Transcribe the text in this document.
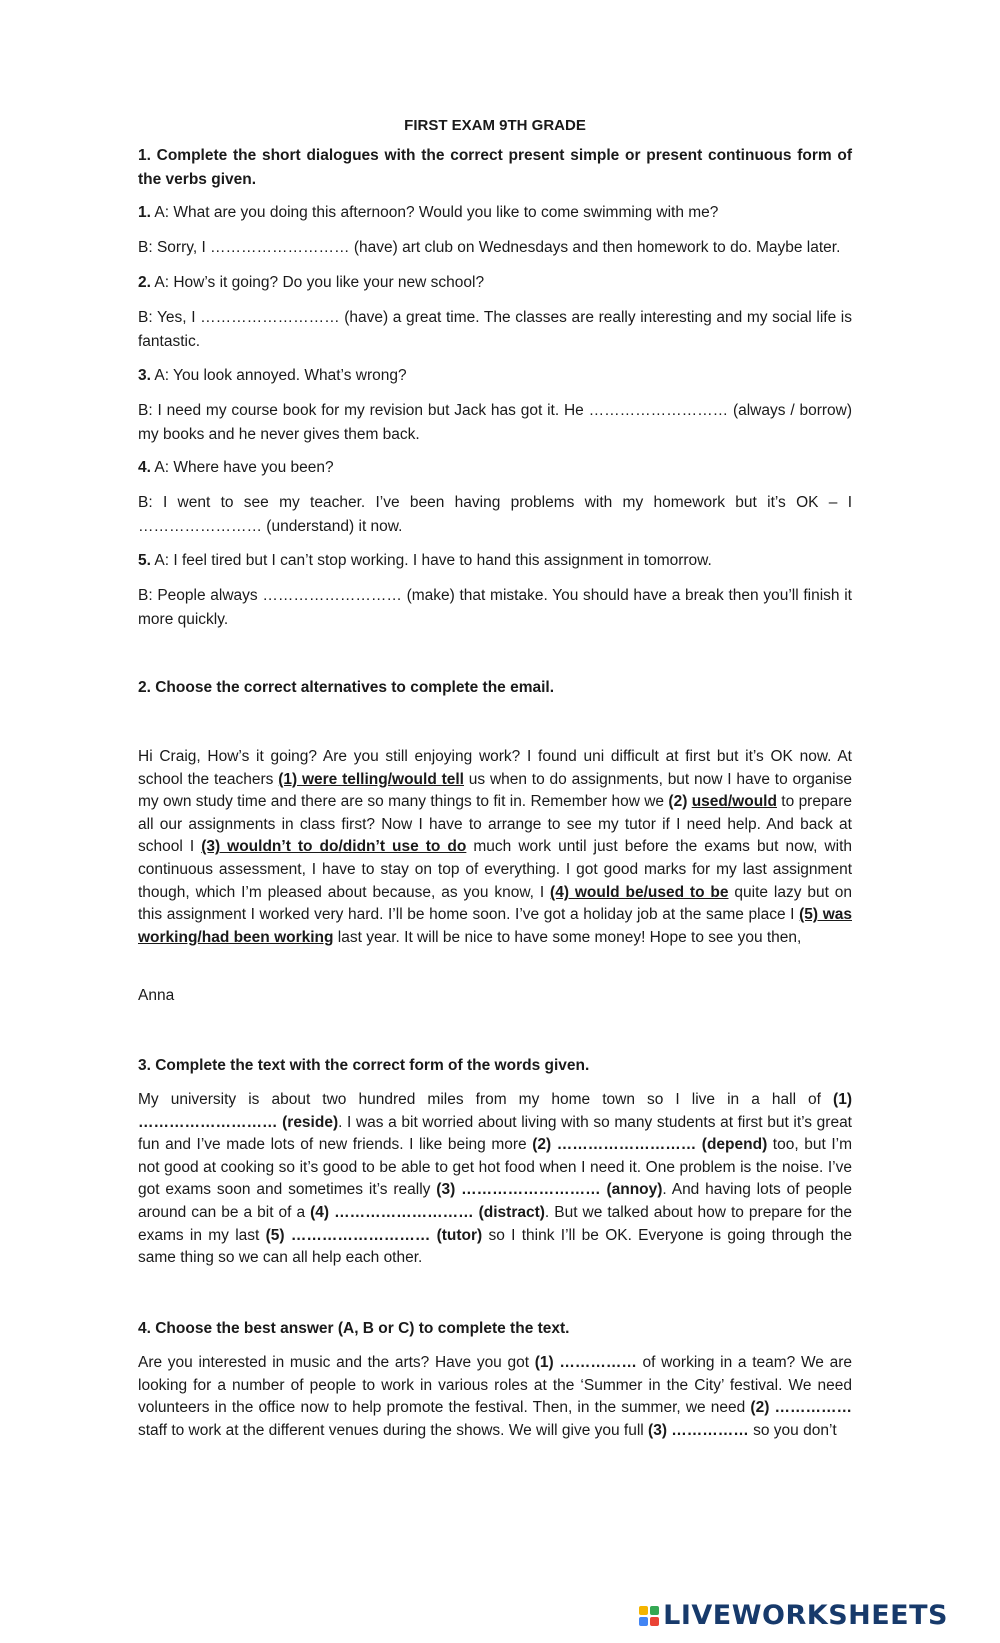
FIRST EXAM 9TH GRADE

1. Complete the short dialogues with the correct present simple or present continuous form of the verbs given.

1. A: What are you doing this afternoon? Would you like to come swimming with me?

B: Sorry, I ……………………… (have) art club on Wednesdays and then homework to do. Maybe later.

2. A: How’s it going? Do you like your new school?

B: Yes, I ……………………… (have) a great time. The classes are really interesting and my social life is fantastic.

3. A: You look annoyed. What’s wrong?

B: I need my course book for my revision but Jack has got it. He ……………………… (always / borrow) my books and he never gives them back.

4. A: Where have you been?

B: I went to see my teacher. I’ve been having problems with my homework but it’s OK – I …………………… (understand) it now.

5. A: I feel tired but I can’t stop working. I have to hand this assignment in tomorrow.

B: People always ……………………… (make) that mistake. You should have a break then you’ll finish it more quickly.

2. Choose the correct alternatives to complete the email.

Hi Craig, How’s it going? Are you still enjoying work? I found uni difficult at first but it’s OK now. At school the teachers (1) were telling/would tell us when to do assignments, but now I have to organise my own study time and there are so many things to fit in. Remember how we (2) used/would to prepare all our assignments in class first? Now I have to arrange to see my tutor if I need help. And back at school I (3) wouldn’t to do/didn’t use to do much work until just before the exams but now, with continuous assessment, I have to stay on top of everything. I got good marks for my last assignment though, which I’m pleased about because, as you know, I (4) would be/used to be quite lazy but on this assignment I worked very hard. I’ll be home soon. I’ve got a holiday job at the same place I (5) was working/had been working last year. It will be nice to have some money! Hope to see you then,

Anna

3. Complete the text with the correct form of the words given.

My university is about two hundred miles from my home town so I live in a hall of (1) ……………………… (reside). I was a bit worried about living with so many students at first but it’s great fun and I’ve made lots of new friends. I like being more (2) ……………………… (depend) too, but I’m not good at cooking so it’s good to be able to get hot food when I need it. One problem is the noise. I’ve got exams soon and sometimes it’s really (3) ……………………… (annoy). And having lots of people around can be a bit of a (4) ……………………… (distract). But we talked about how to prepare for the exams in my last (5) ……………………… (tutor) so I think I’ll be OK. Everyone is going through the same thing so we can all help each other.

4. Choose the best answer (A, B or C) to complete the text.

Are you interested in music and the arts? Have you got (1) …………… of working in a team? We are looking for a number of people to work in various roles at the ‘Summer in the City’ festival. We need volunteers in the office now to help promote the festival. Then, in the summer, we need (2) …………… staff to work at the different venues during the shows. We will give you full (3) …………… so you don’t

LIVEWORKSHEETS
